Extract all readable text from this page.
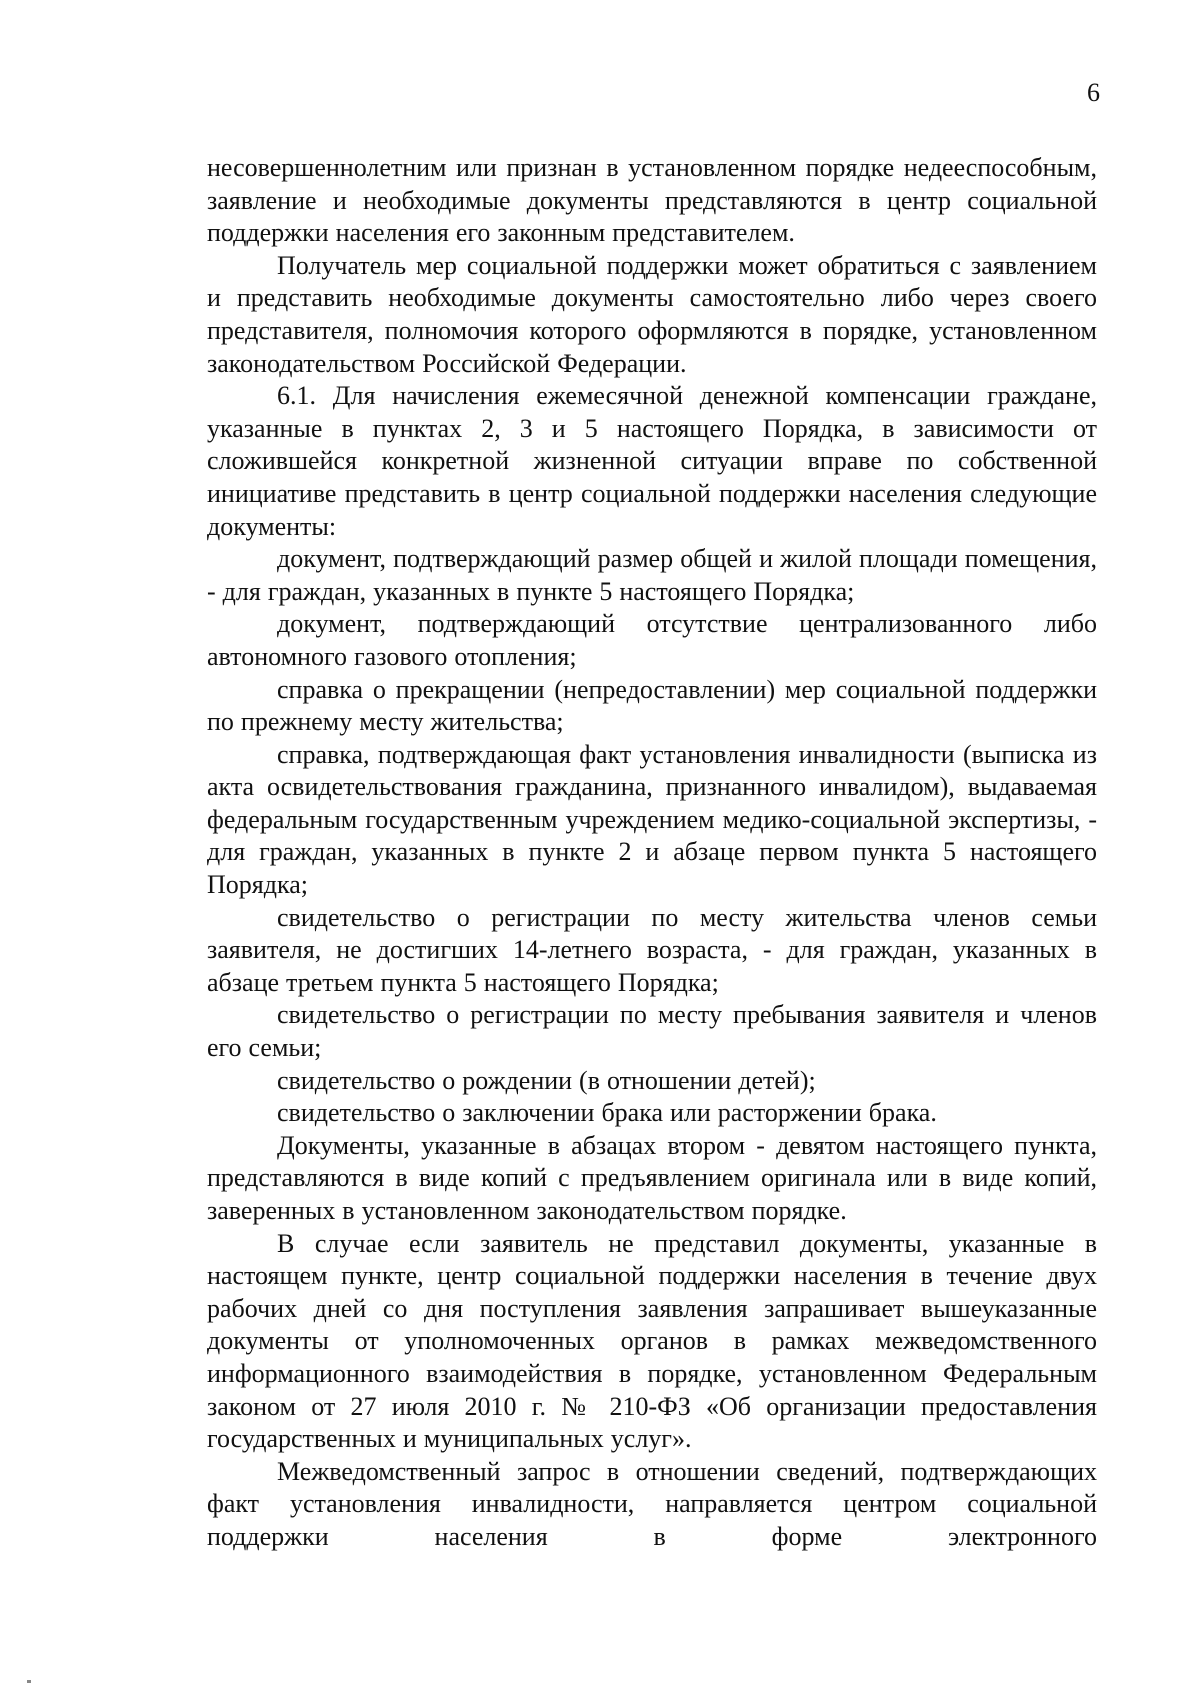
6

несовершеннолетним или признан в установленном порядке недееспособным, заявление и необходимые документы представляются в центр социальной поддержки населения его законным представителем.

Получатель мер социальной поддержки может обратиться с заявлением и представить необходимые документы самостоятельно либо через своего представителя, полномочия которого оформляются в порядке, установленном законодательством Российской Федерации.

6.1. Для начисления ежемесячной денежной компенсации граждане, указанные в пунктах 2, 3 и 5 настоящего Порядка, в зависимости от сложившейся конкретной жизненной ситуации вправе по собственной инициативе представить в центр социальной поддержки населения следующие документы:

документ, подтверждающий размер общей и жилой площади помещения, - для граждан, указанных в пункте 5 настоящего Порядка;

документ, подтверждающий отсутствие централизованного либо автономного газового отопления;

справка о прекращении (непредоставлении) мер социальной поддержки по прежнему месту жительства;

справка, подтверждающая факт установления инвалидности (выписка из акта освидетельствования гражданина, признанного инвалидом), выдаваемая федеральным государственным учреждением медико-социальной экспертизы, - для граждан, указанных в пункте 2 и абзаце первом пункта 5 настоящего Порядка;

свидетельство о регистрации по месту жительства членов семьи заявителя, не достигших 14-летнего возраста, - для граждан, указанных в абзаце третьем пункта 5 настоящего Порядка;

свидетельство о регистрации по месту пребывания заявителя и членов его семьи;

свидетельство о рождении (в отношении детей);

свидетельство о заключении брака или расторжении брака.

Документы, указанные в абзацах втором - девятом настоящего пункта, представляются в виде копий с предъявлением оригинала или в виде копий, заверенных в установленном законодательством порядке.

В случае если заявитель не представил документы, указанные в настоящем пункте, центр социальной поддержки населения в течение двух рабочих дней со дня поступления заявления запрашивает вышеуказанные документы от уполномоченных органов в рамках межведомственного информационного взаимодействия в порядке, установленном Федеральным законом от 27 июля 2010 г. № 210-ФЗ «Об организации предоставления государственных и муниципальных услуг».

Межведомственный запрос в отношении сведений, подтверждающих факт установления инвалидности, направляется центром социальной поддержки населения в форме электронного
